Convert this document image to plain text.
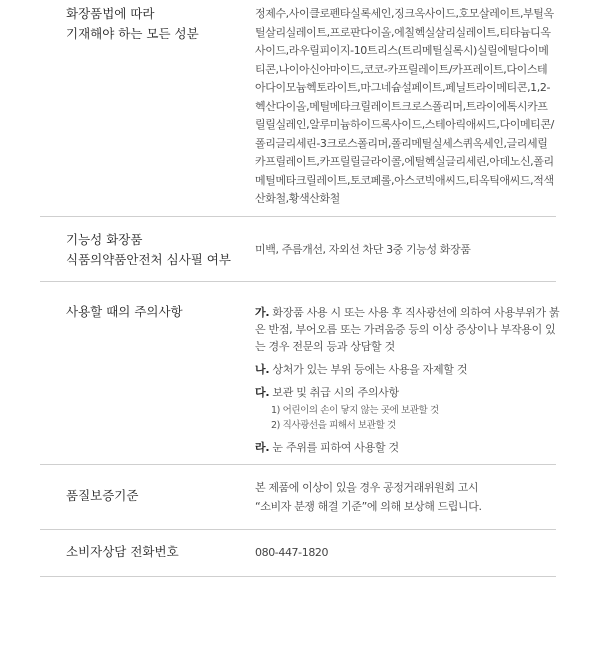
화장품법에 따라
기재해야 하는 모든 성분
정제수,사이클로펜타실록세인,징크옥사이드,호모살레이트,부틸옥틸살리실레이트,프로판다이올,에칠헥실살리실레이트,티타늄디옥사이드,라우릴피이지-10트리스(트리메틸실록시)실릴에틸다이메티콘,나이아신아마이드,코코-카프릴레이트/카프레이트,다이스테아다이모늄헥토라이트,마그네슘설페이트,페닐트라이메티콘,1,2-헥산다이올,메틸메타크릴레이트크로스폴리머,트라이에톡시카프릴릴실레인,알루미늄하이드록사이드,스테아릭애씨드,다이메티콘/폴리글리세린-3크로스폴리머,폴리메틸실세스퀴옥세인,글리세릴카프릴레이트,카프릴릴글라이콜,에틸헥실글리세린,아데노신,폴리메틸메타크릴레이트,토코페롤,아스코빅애씨드,티옥틱애씨드,적색산화철,황색산화철
기능성 화장품
식품의약품안전처 심사필 여부
미백, 주름개선, 자외선 차단 3중 기능성 화장품
사용할 때의 주의사항	가. 화장품 사용 시 또는 사용 후 직사광선에 의하여 사용부위가 붉은 반점, 부어오름 또는 가려움증 등의 이상 증상이나 부작용이 있는 경우 전문의 등과 상담할 것
나. 상처가 있는 부위 등에는 사용을 자제할 것
다. 보관 및 취급 시의 주의사항
1) 어린이의 손이 닿지 않는 곳에 보관할 것
2) 직사광선을 피해서 보관할 것
라. 눈 주위를 피하여 사용할 것
품질보증기준
본 제품에 이상이 있을 경우 공정거래위원회 고시
“소비자 분쟁 해결 기준”에 의해 보상해 드립니다.
소비자상담 전화번호	080-447-1820
